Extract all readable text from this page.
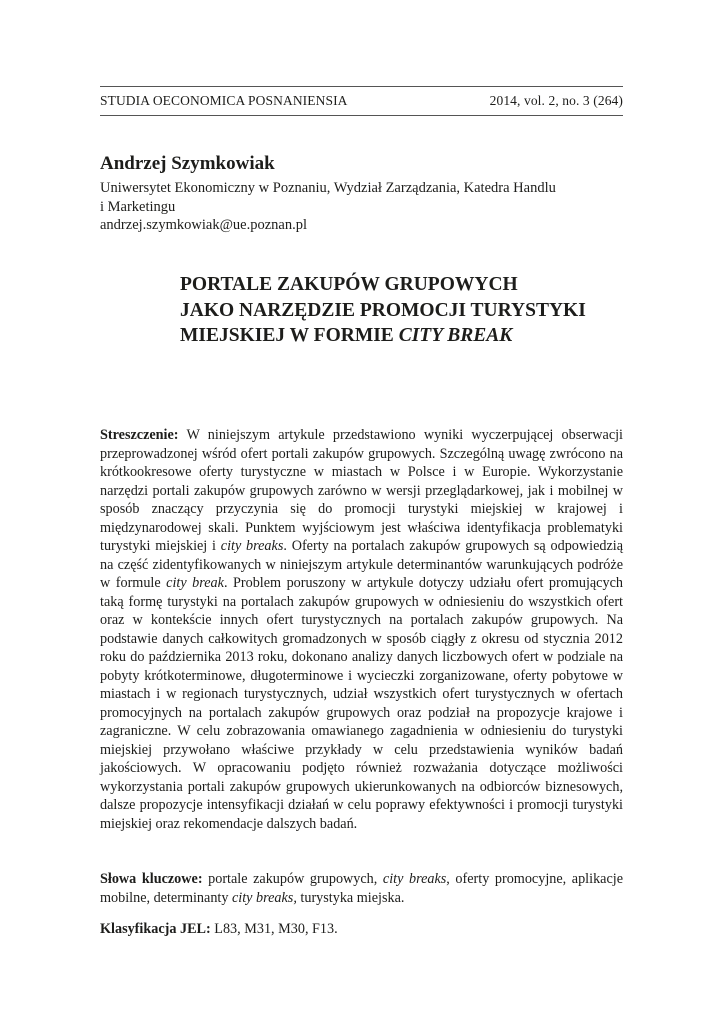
STUDIA OECONOMICA POSNANIENSIA	2014, vol. 2, no. 3 (264)
Andrzej Szymkowiak
Uniwersytet Ekonomiczny w Poznaniu, Wydział Zarządzania, Katedra Handlu
i Marketingu
andrzej.szymkowiak@ue.poznan.pl
PORTALE ZAKUPÓW GRUPOWYCH
JAKO NARZĘDZIE PROMOCJI TURYSTYKI
MIEJSKIEJ W FORMIE CITY BREAK

Streszczenie: W niniejszym artykule przedstawiono wyniki wyczerpującej obserwacji przeprowadzonej wśród ofert portali zakupów grupowych. Szczególną uwagę zwrócono na krótkookresowe oferty turystyczne w miastach w Polsce i w Europie. Wykorzystanie narzędzi portali zakupów grupowych zarówno w wersji przeglądarkowej, jak i mobilnej w sposób znaczący przyczynia się do promocji turystyki miejskiej w krajowej i międzynarodowej skali. Punktem wyjściowym jest właściwa identyfikacja problematyki turystyki miejskiej i city breaks. Oferty na portalach zakupów grupowych są odpowiedzią na część zidentyfikowanych w niniejszym artykule determinantów warunkujących podróże w formule city break. Problem poruszony w artykule dotyczy udziału ofert promujących taką formę turystyki na portalach zakupów grupowych w odniesieniu do wszystkich ofert oraz w kontekście innych ofert turystycznych na portalach zakupów grupowych. Na podstawie danych całkowitych gromadzonych w sposób ciągły z okresu od stycznia 2012 roku do października 2013 roku, dokonano analizy danych liczbowych ofert w podziale na pobyty krótkoterminowe, długoterminowe i wycieczki zorganizowane, oferty pobytowe w miastach i w regionach turystycznych, udział wszystkich ofert turystycznych w ofertach promocyjnych na portalach zakupów grupowych oraz podział na propozycje krajowe i zagraniczne. W celu zobrazowania omawianego zagadnienia w odniesieniu do turystyki miejskiej przywołano właściwe przykłady w celu przedstawienia wyników badań jakościowych. W opracowaniu podjęto również rozważania dotyczące możliwości wykorzystania portali zakupów grupowych ukierunkowanych na odbiorców biznesowych, dalsze propozycje intensyfikacji działań w celu poprawy efektywności i promocji turystyki miejskiej oraz rekomendacje dalszych badań.

Słowa kluczowe: portale zakupów grupowych, city breaks, oferty promocyjne, aplikacje mobilne, determinanty city breaks, turystyka miejska.
Klasyfikacja JEL: L83, M31, M30, F13.
